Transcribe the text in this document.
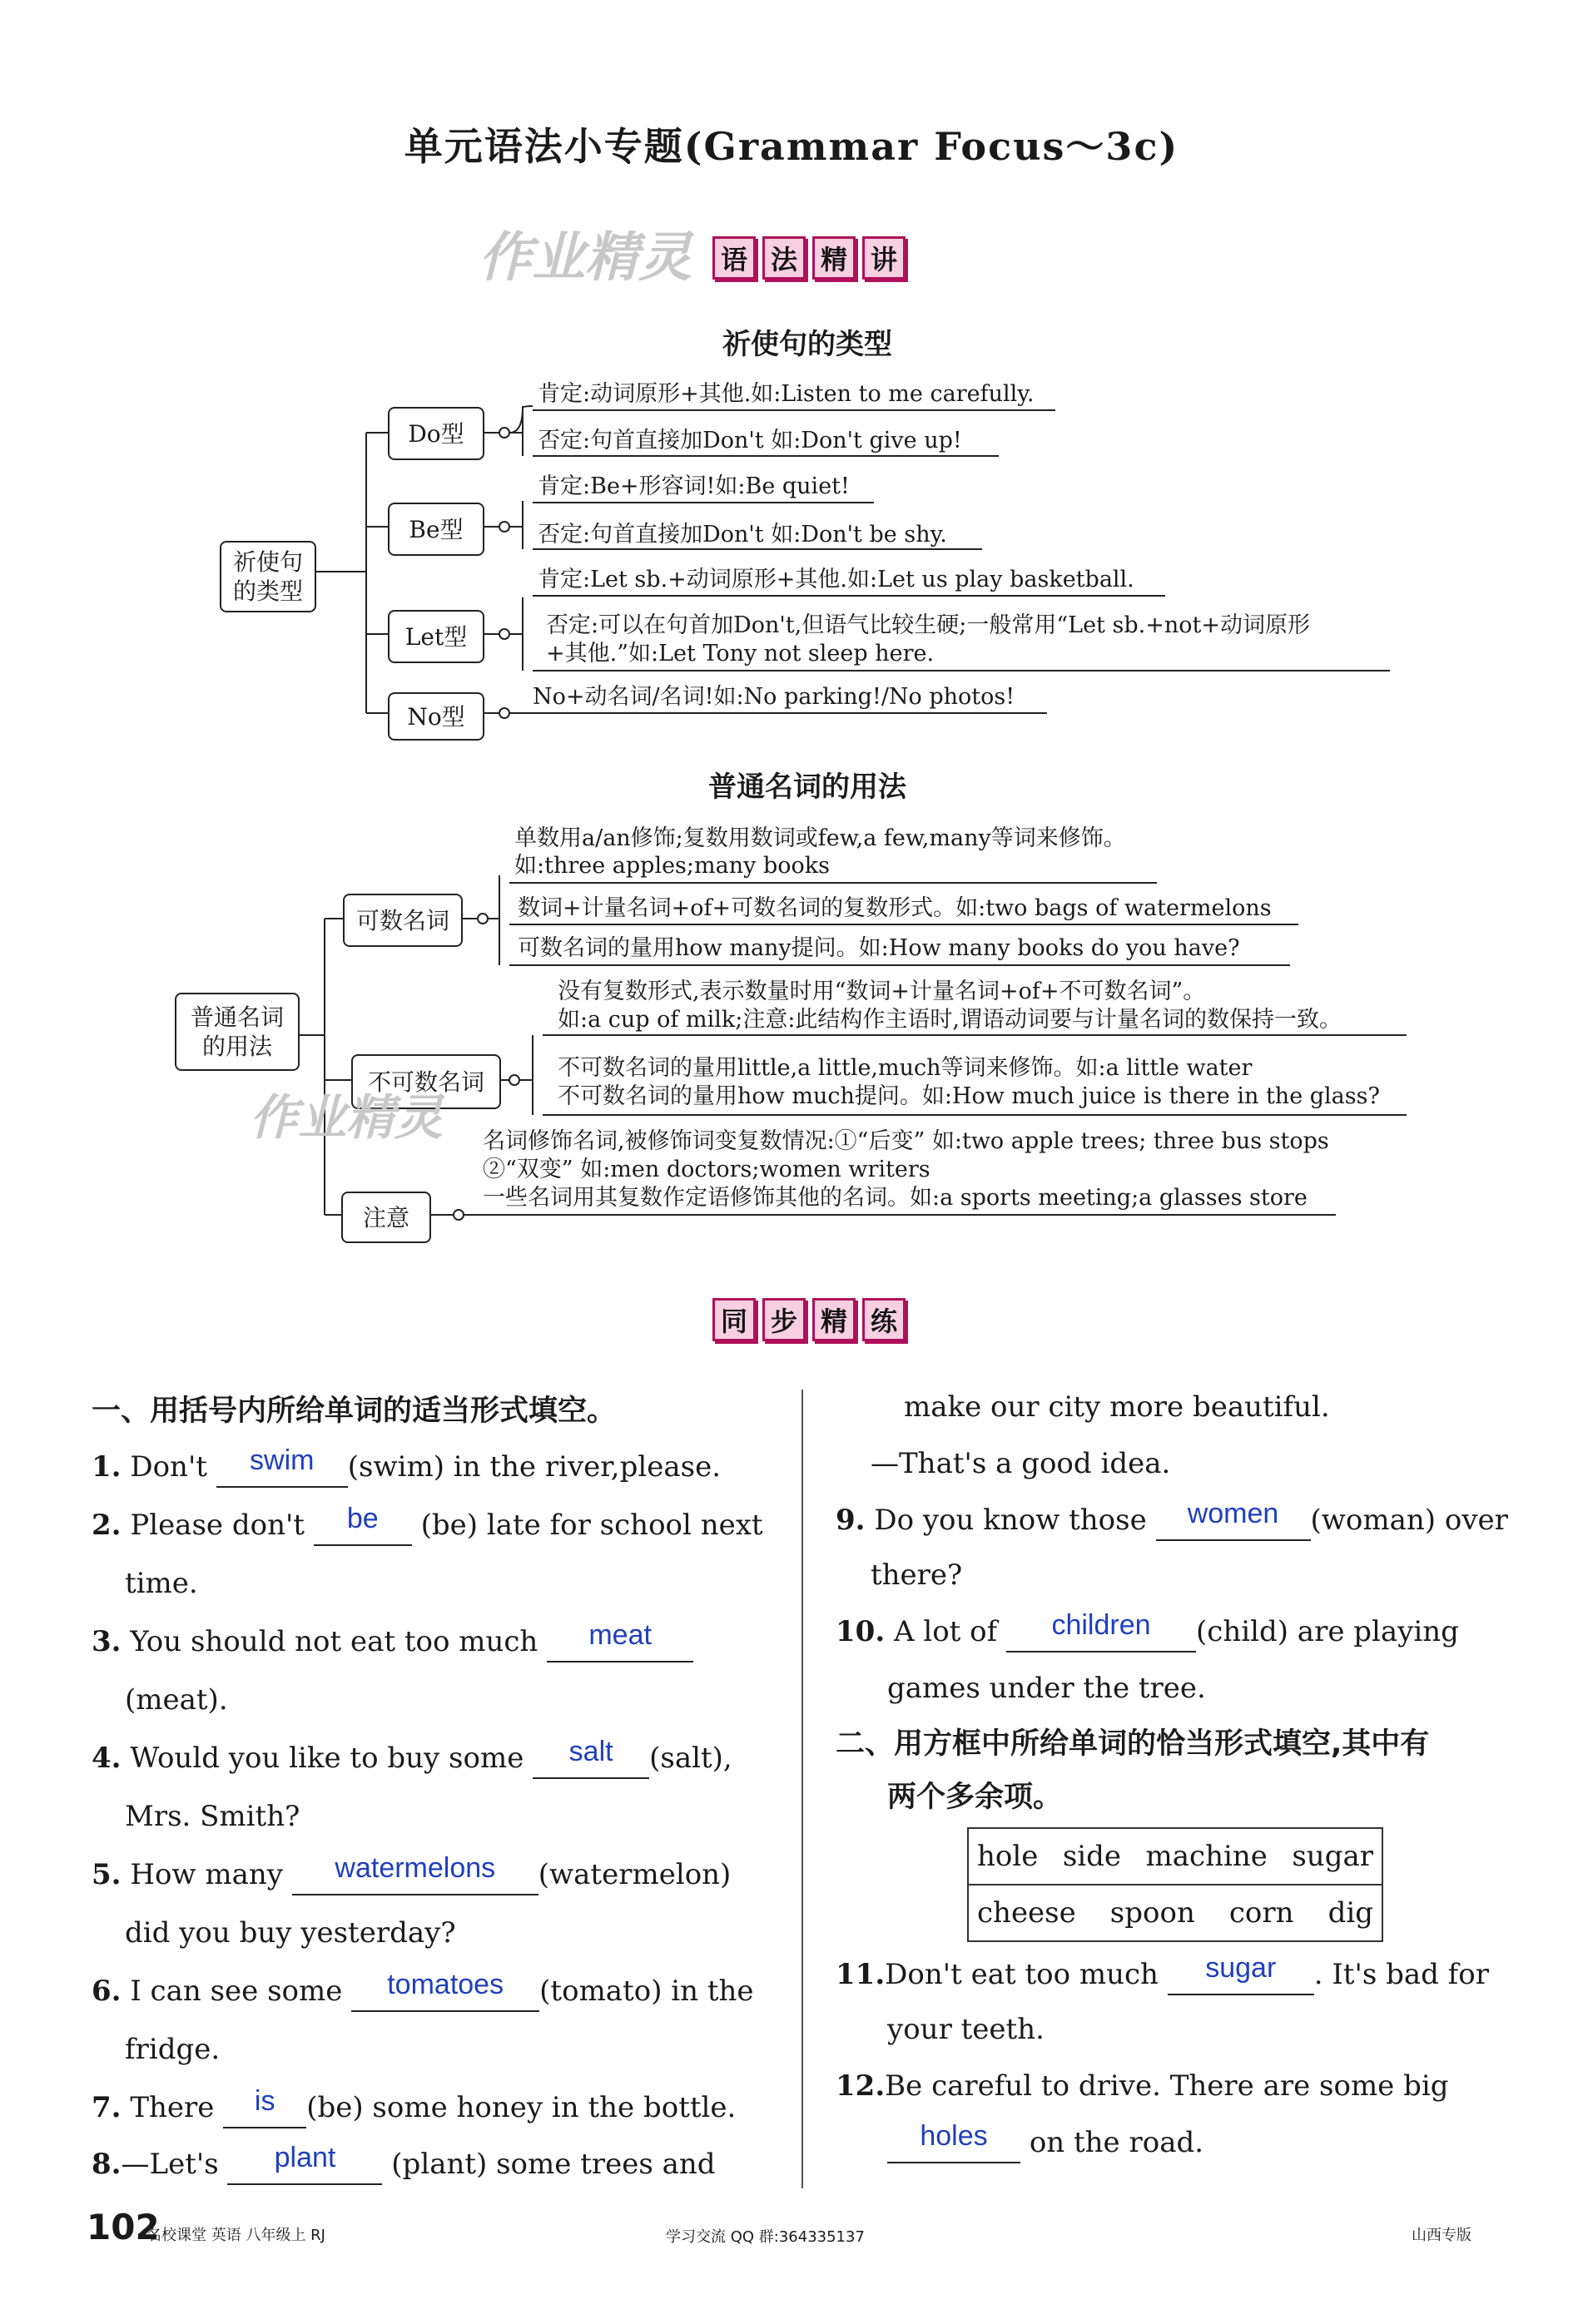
单元语法小专题(Grammar Focus～3c)
作业精灵	语 法 精 讲
祈使句的类型
祈使句
的类型
Do型
Be型
Let型
No型
肯定:动词原形+其他.如:Listen to me carefully.
否定:句首直接加Don't 如:Don't give up!
肯定:Be+形容词!如:Be quiet!
否定:句首直接加Don't 如:Don't be shy.
肯定:Let sb.+动词原形+其他.如:Let us play basketball.
否定:可以在句首加Don't,但语气比较生硬;一般常用“Let sb.+not+动词原形
+其他.”如:Let Tony not sleep here.
No+动名词/名词!如:No parking!/No photos!
普通名词的用法
普通名词
的用法
可数名词
不可数名词
注意
单数用a/an修饰;复数用数词或few,a few,many等词来修饰。
如:three apples;many books
数词+计量名词+of+可数名词的复数形式。如:two bags of watermelons
可数名词的量用how many提问。如:How many books do you have?
没有复数形式,表示数量时用“数词+计量名词+of+不可数名词”。
如:a cup of milk;注意:此结构作主语时,谓语动词要与计量名词的数保持一致。
不可数名词的量用little,a little,much等词来修饰。如:a little water
不可数名词的量用how much提问。如:How much juice is there in the glass?
名词修饰名词,被修饰词变复数情况:①“后变” 如:two apple trees; three bus stops
②“双变” 如:men doctors;women writers
一些名词用其复数作定语修饰其他的名词。如:a sports meeting;a glasses store
作业精灵
同 步 精 练
一、用括号内所给单词的适当形式填空。
1. Don't swim (swim) in the river,please.
2. Please don't be (be) late for school next
time.
3. You should not eat too much meat
(meat).
4. Would you like to buy some salt (salt),
Mrs. Smith?
5. How many watermelons (watermelon)
did you buy yesterday?
6. I can see some tomatoes (tomato) in the
fridge.
7. There is (be) some honey in the bottle.
8.—Let's plant (plant) some trees and
make our city more beautiful.
—That's a good idea.
9. Do you know those women (woman) over
there?
10. A lot of children (child) are playing
games under the tree.
二、用方框中所给单词的恰当形式填空,其中有
两个多余项。
hole side machine sugar
cheese spoon corn dig
11.Don't eat too much sugar . It's bad for
your teeth.
12.Be careful to drive. There are some big
holes on the road.
102
名校课堂 英语 八年级上 RJ	学习交流 QQ 群:364335137	山西专版
